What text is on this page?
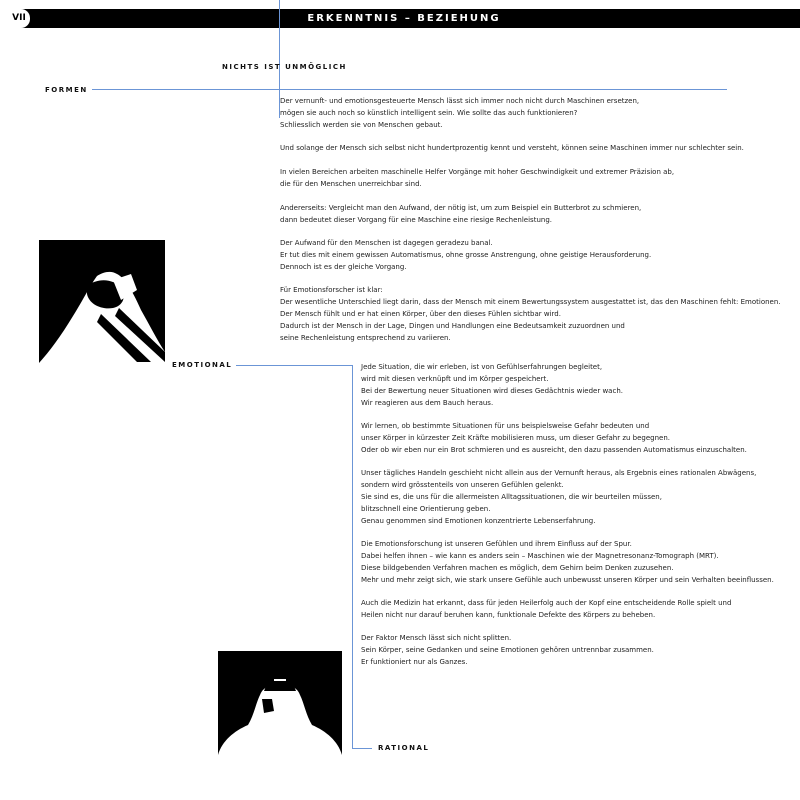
VII	ERKENNTNIS – BEZIEHUNG
NICHTS IST UNMÖGLICH
FORMEN
EMOTIONAL
RATIONAL

Der vernunft- und emotionsgesteuerte Mensch lässt sich immer noch nicht durch Maschinen ersetzen,
mögen sie auch noch so künstlich intelligent sein. Wie sollte das auch funktionieren?
Schliesslich werden sie von Menschen gebaut.

Und solange der Mensch sich selbst nicht hundertprozentig kennt und versteht, können seine Maschinen immer nur schlechter sein.

In vielen Bereichen arbeiten maschinelle Helfer Vorgänge mit hoher Geschwindigkeit und extremer Präzision ab,
die für den Menschen unerreichbar sind.

Andererseits: Vergleicht man den Aufwand, der nötig ist, um zum Beispiel ein Butterbrot zu schmieren,
dann bedeutet dieser Vorgang für eine Maschine eine riesige Rechenleistung.

Der Aufwand für den Menschen ist dagegen geradezu banal.
Er tut dies mit einem gewissen Automatismus, ohne grosse Anstrengung, ohne geistige Herausforderung.
Dennoch ist es der gleiche Vorgang.

Für Emotionsforscher ist klar:
Der wesentliche Unterschied liegt darin, dass der Mensch mit einem Bewertungssystem ausgestattet ist, das den Maschinen fehlt: Emotionen.
Der Mensch fühlt und er hat einen Körper, über den dieses Fühlen sichtbar wird.
Dadurch ist der Mensch in der Lage, Dingen und Handlungen eine Bedeutsamkeit zuzuordnen und
seine Rechenleistung entsprechend zu variieren.

Jede Situation, die wir erleben, ist von Gefühlserfahrungen begleitet,
wird mit diesen verknüpft und im Körper gespeichert.
Bei der Bewertung neuer Situationen wird dieses Gedächtnis wieder wach.
Wir reagieren aus dem Bauch heraus.

Wir lernen, ob bestimmte Situationen für uns beispielsweise Gefahr bedeuten und
unser Körper in kürzester Zeit Kräfte mobilisieren muss, um dieser Gefahr zu begegnen.
Oder ob wir eben nur ein Brot schmieren und es ausreicht, den dazu passenden Automatismus einzuschalten.

Unser tägliches Handeln geschieht nicht allein aus der Vernunft heraus, als Ergebnis eines rationalen Abwägens,
sondern wird grösstenteils von unseren Gefühlen gelenkt.
Sie sind es, die uns für die allermeisten Alltagssituationen, die wir beurteilen müssen,
blitzschnell eine Orientierung geben.
Genau genommen sind Emotionen konzentrierte Lebenserfahrung.

Die Emotionsforschung ist unseren Gefühlen und ihrem Einfluss auf der Spur.
Dabei helfen ihnen – wie kann es anders sein – Maschinen wie der Magnetresonanz-Tomograph (MRT).
Diese bildgebenden Verfahren machen es möglich, dem Gehirn beim Denken zuzusehen.
Mehr und mehr zeigt sich, wie stark unsere Gefühle auch unbewusst unseren Körper und sein Verhalten beeinflussen.

Auch die Medizin hat erkannt, dass für jeden Heilerfolg auch der Kopf eine entscheidende Rolle spielt und
Heilen nicht nur darauf beruhen kann, funktionale Defekte des Körpers zu beheben.

Der Faktor Mensch lässt sich nicht splitten.
Sein Körper, seine Gedanken und seine Emotionen gehören untrennbar zusammen.
Er funktioniert nur als Ganzes.
